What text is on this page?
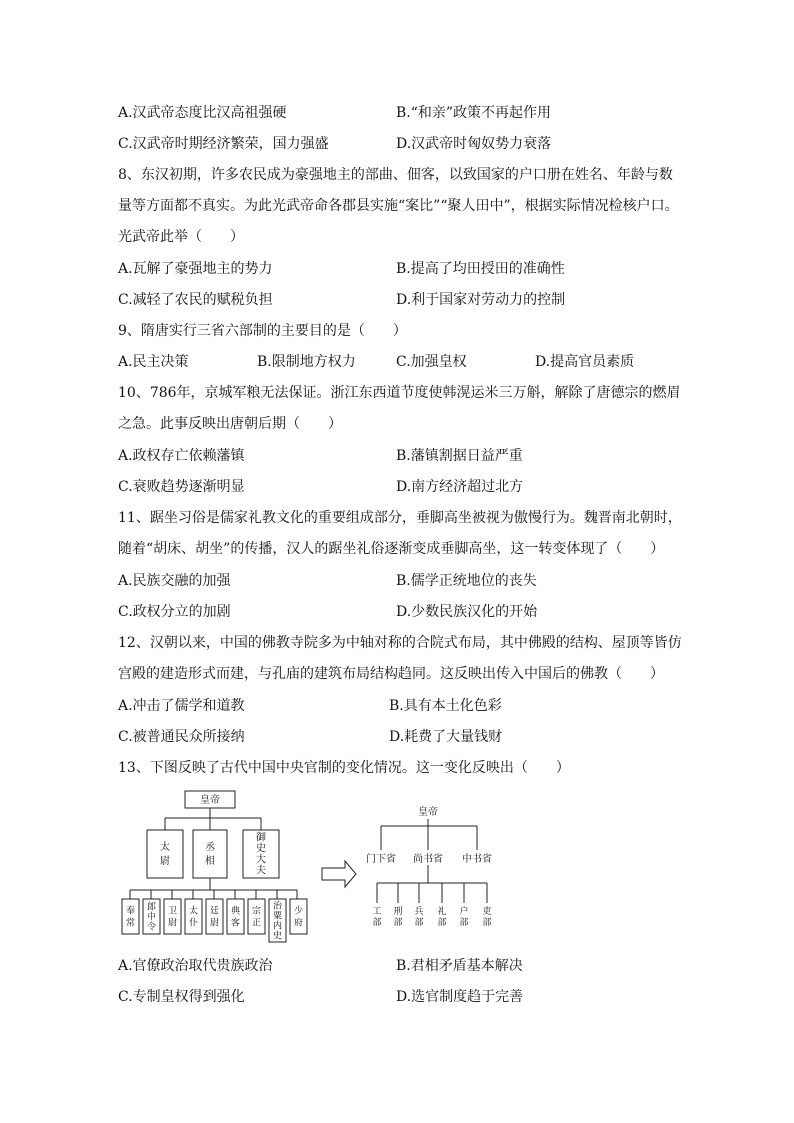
A.汉武帝态度比汉高祖强硬	B.“和亲”政策不再起作用
C.汉武帝时期经济繁荣，国力强盛	D.汉武帝时匈奴势力衰落
8、东汉初期，许多农民成为豪强地主的部曲、佃客，以致国家的户口册在姓名、年龄与数
量等方面都不真实。为此光武帝命各郡县实施“案比”“聚人田中”，根据实际情况检核户口。
光武帝此举（　　）
A.瓦解了豪强地主的势力	B.提高了均田授田的准确性
C.减轻了农民的赋税负担	D.利于国家对劳动力的控制
9、隋唐实行三省六部制的主要目的是（　　）
A.民主决策	B.限制地方权力	C.加强皇权	D.提高官员素质
10、786年，京城军粮无法保证。浙江东西道节度使韩滉运米三万斛，解除了唐德宗的燃眉
之急。此事反映出唐朝后期（　　）
A.政权存亡依赖藩镇	B.藩镇割据日益严重
C.衰败趋势逐渐明显	D.南方经济超过北方
11、踞坐习俗是儒家礼教文化的重要组成部分，垂脚高坐被视为傲慢行为。魏晋南北朝时，
随着“胡床、胡坐”的传播，汉人的踞坐礼俗逐渐变成垂脚高坐，这一转变体现了（　　）
A.民族交融的加强	B.儒学正统地位的丧失
C.政权分立的加剧	D.少数民族汉化的开始
12、汉朝以来，中国的佛教寺院多为中轴对称的合院式布局，其中佛殿的结构、屋顶等皆仿
宫殿的建造形式而建，与孔庙的建筑布局结构趋同。这反映出传入中国后的佛教（　　）
A.冲击了儒学和道教	B.具有本土化色彩
C.被普通民众所接纳	D.耗费了大量钱财
13、下图反映了古代中国中央官制的变化情况。这一变化反映出（　　）
皇帝
皇帝
太尉
丞相
御史大夫
奉常
郎中令
卫尉
太仆
廷尉
典客
宗正
治粟内史
少府
门下省 尚书省 中书省
工部
刑部
兵部
礼部
户部
吏部
A.官僚政治取代贵族政治	B.君相矛盾基本解决
C.专制皇权得到强化	D.选官制度趋于完善
